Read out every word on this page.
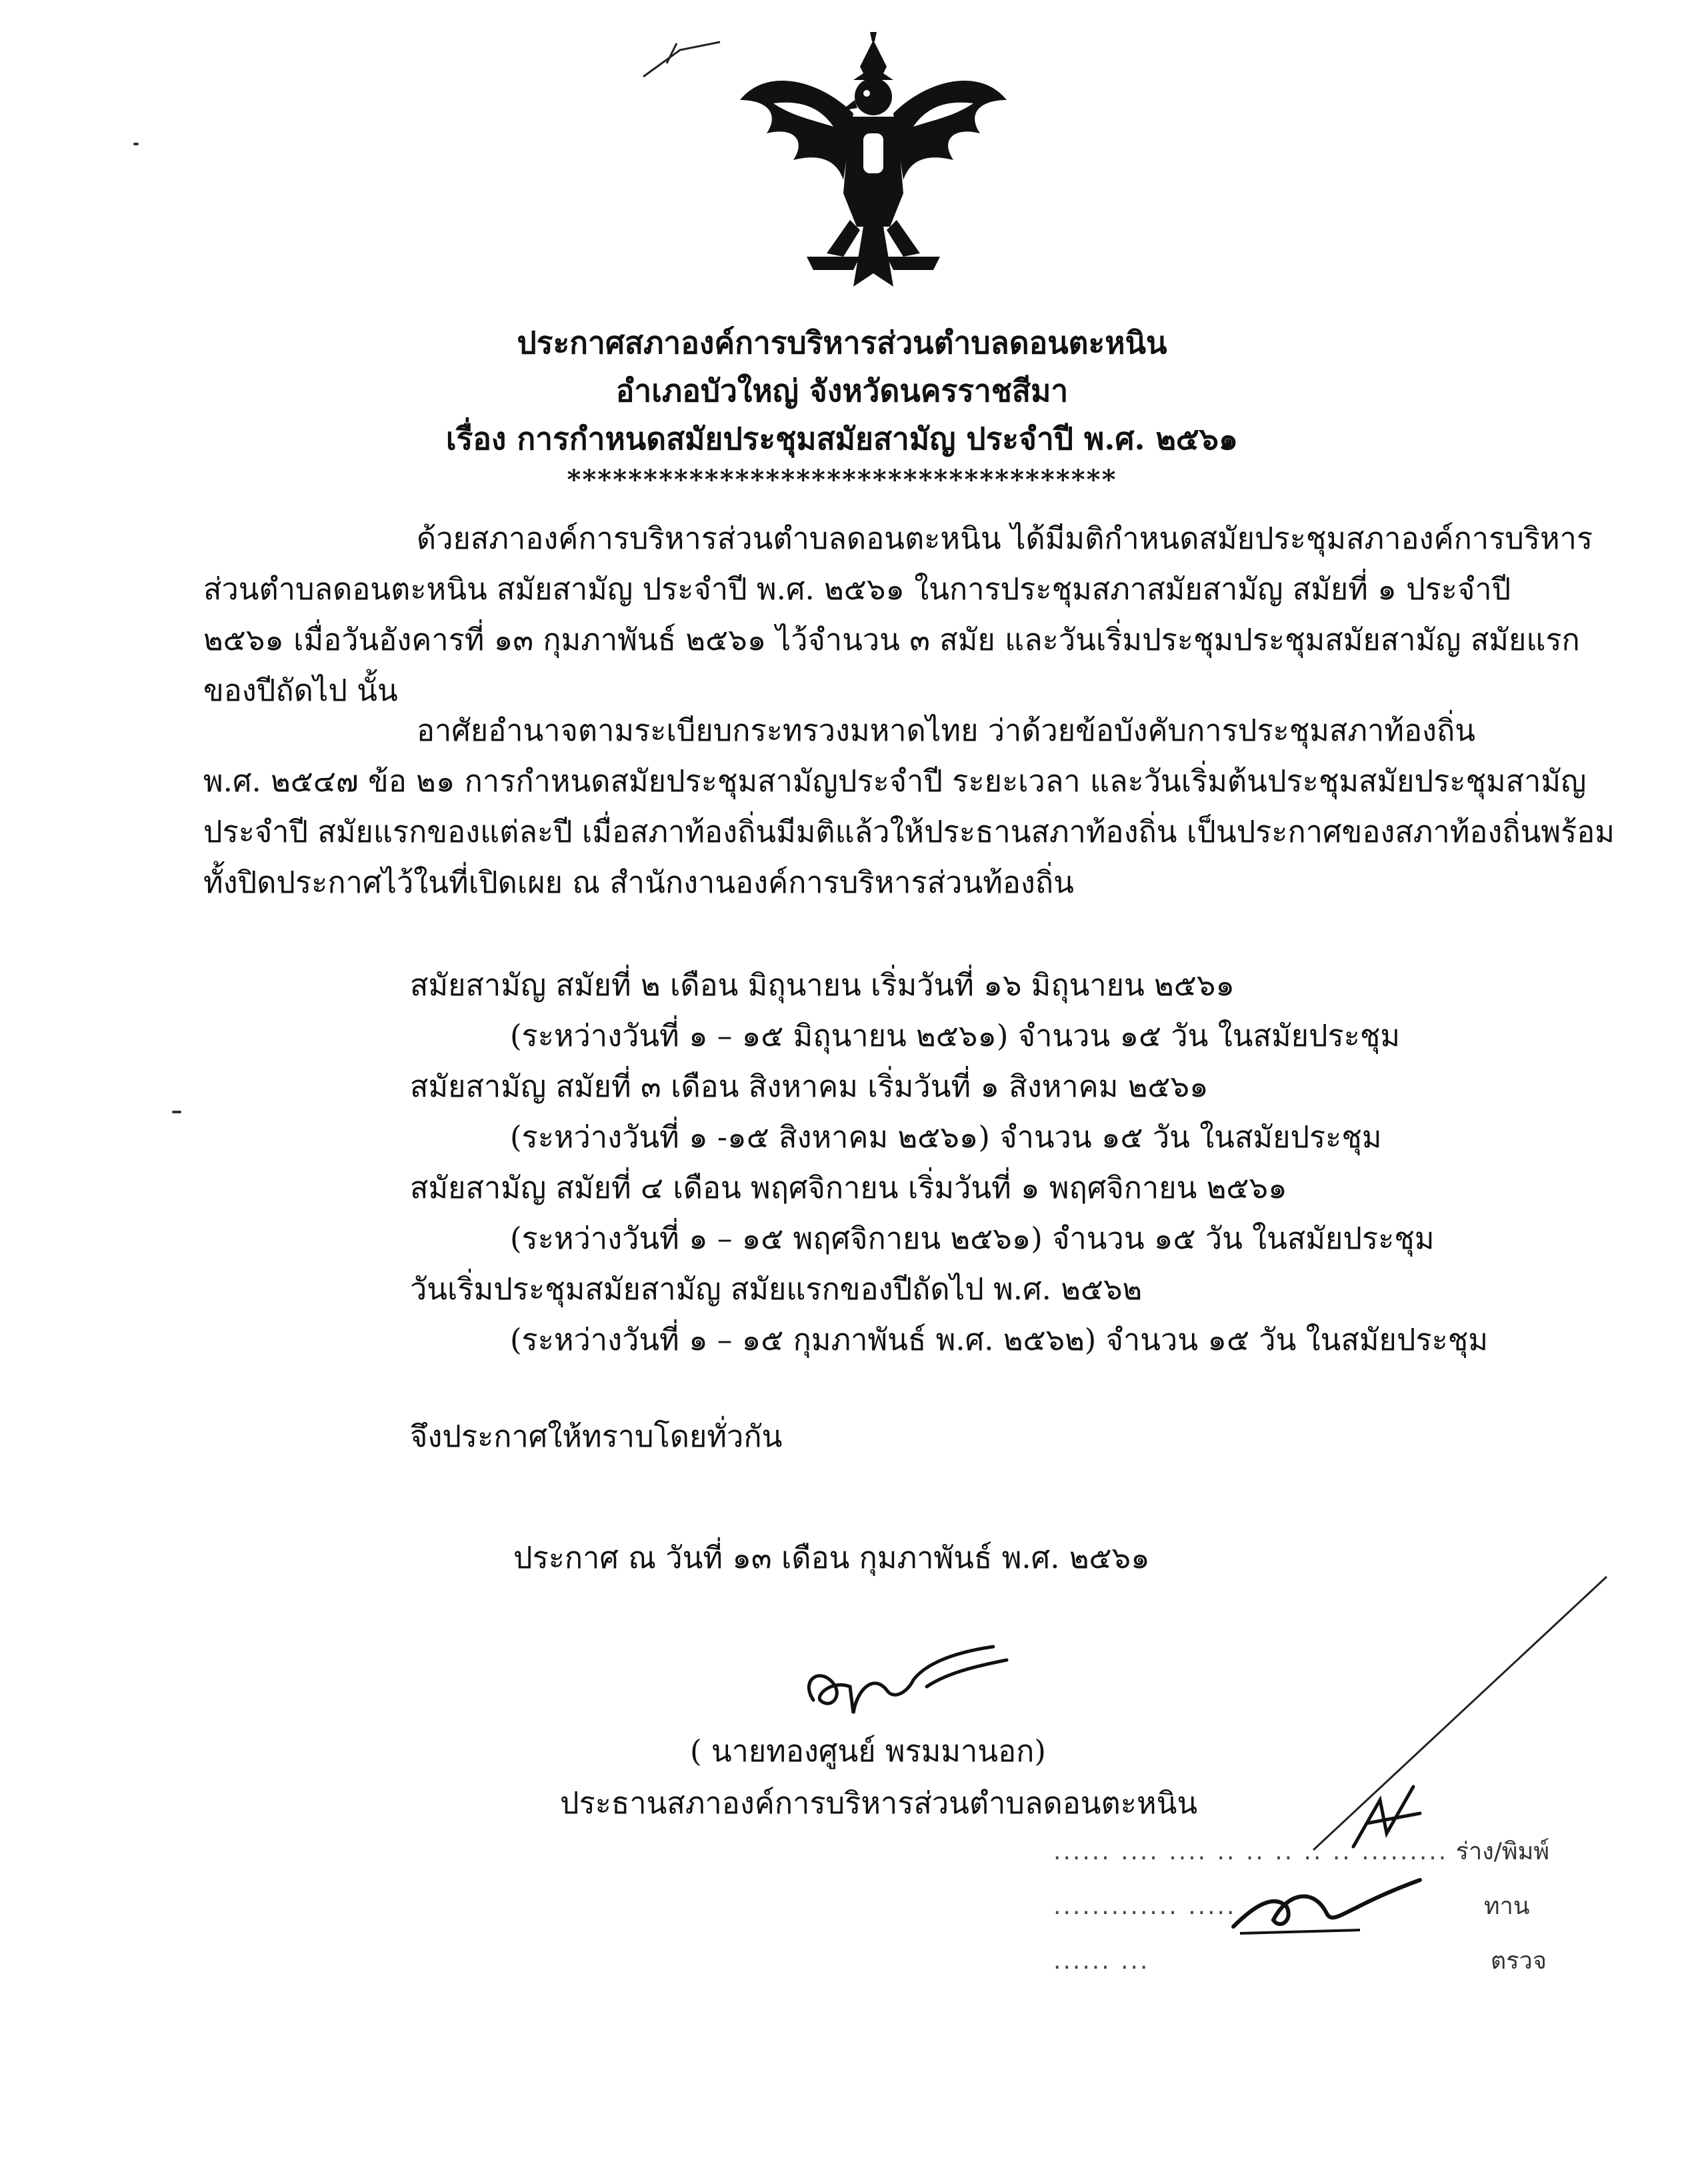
ประกาศสภาองค์การบริหารส่วนตำบลดอนตะหนิน
อำเภอบัวใหญ่ จังหวัดนครราชสีมา
เรื่อง การกำหนดสมัยประชุมสมัยสามัญ ประจำปี พ.ศ. ๒๕๖๑
************************************

ด้วยสภาองค์การบริหารส่วนตำบลดอนตะหนิน ได้มีมติกำหนดสมัยประชุมสภาองค์การบริหาร

ส่วนตำบลดอนตะหนิน สมัยสามัญ ประจำปี พ.ศ. ๒๕๖๑ ในการประชุมสภาสมัยสามัญ สมัยที่ ๑ ประจำปี

๒๕๖๑ เมื่อวันอังคารที่ ๑๓ กุมภาพันธ์ ๒๕๖๑ ไว้จำนวน ๓ สมัย และวันเริ่มประชุมประชุมสมัยสามัญ สมัยแรก

ของปีถัดไป นั้น

อาศัยอำนาจตามระเบียบกระทรวงมหาดไทย ว่าด้วยข้อบังคับการประชุมสภาท้องถิ่น

พ.ศ. ๒๕๔๗ ข้อ ๒๑ การกำหนดสมัยประชุมสามัญประจำปี ระยะเวลา และวันเริ่มต้นประชุมสมัยประชุมสามัญ

ประจำปี สมัยแรกของแต่ละปี เมื่อสภาท้องถิ่นมีมติแล้วให้ประธานสภาท้องถิ่น เป็นประกาศของสภาท้องถิ่นพร้อม

ทั้งปิดประกาศไว้ในที่เปิดเผย ณ สำนักงานองค์การบริหารส่วนท้องถิ่น

สมัยสามัญ สมัยที่ ๒ เดือน มิถุนายน เริ่มวันที่ ๑๖ มิถุนายน ๒๕๖๑

(ระหว่างวันที่ ๑ – ๑๕ มิถุนายน ๒๕๖๑) จำนวน ๑๕ วัน ในสมัยประชุม

สมัยสามัญ สมัยที่ ๓ เดือน สิงหาคม เริ่มวันที่ ๑ สิงหาคม ๒๕๖๑

(ระหว่างวันที่ ๑ -๑๕ สิงหาคม ๒๕๖๑) จำนวน ๑๕ วัน ในสมัยประชุม

สมัยสามัญ สมัยที่ ๔ เดือน พฤศจิกายน เริ่มวันที่ ๑ พฤศจิกายน ๒๕๖๑

(ระหว่างวันที่ ๑ – ๑๕ พฤศจิกายน ๒๕๖๑) จำนวน ๑๕ วัน ในสมัยประชุม

วันเริ่มประชุมสมัยสามัญ สมัยแรกของปีถัดไป พ.ศ. ๒๕๖๒

(ระหว่างวันที่ ๑ – ๑๕ กุมภาพันธ์ พ.ศ. ๒๕๖๒) จำนวน ๑๕ วัน ในสมัยประชุม

จึงประกาศให้ทราบโดยทั่วกัน
ประกาศ ณ วันที่ ๑๓ เดือน กุมภาพันธ์ พ.ศ. ๒๕๖๑
( นายทองศูนย์ พรมมานอก)
ประธานสภาองค์การบริหารส่วนตำบลดอนตะหนิน
...... .... .... .. .. .. .. .. ......... ร่าง/พิมพ์
............. .....	ทาน
...... ...	ตรวจ
